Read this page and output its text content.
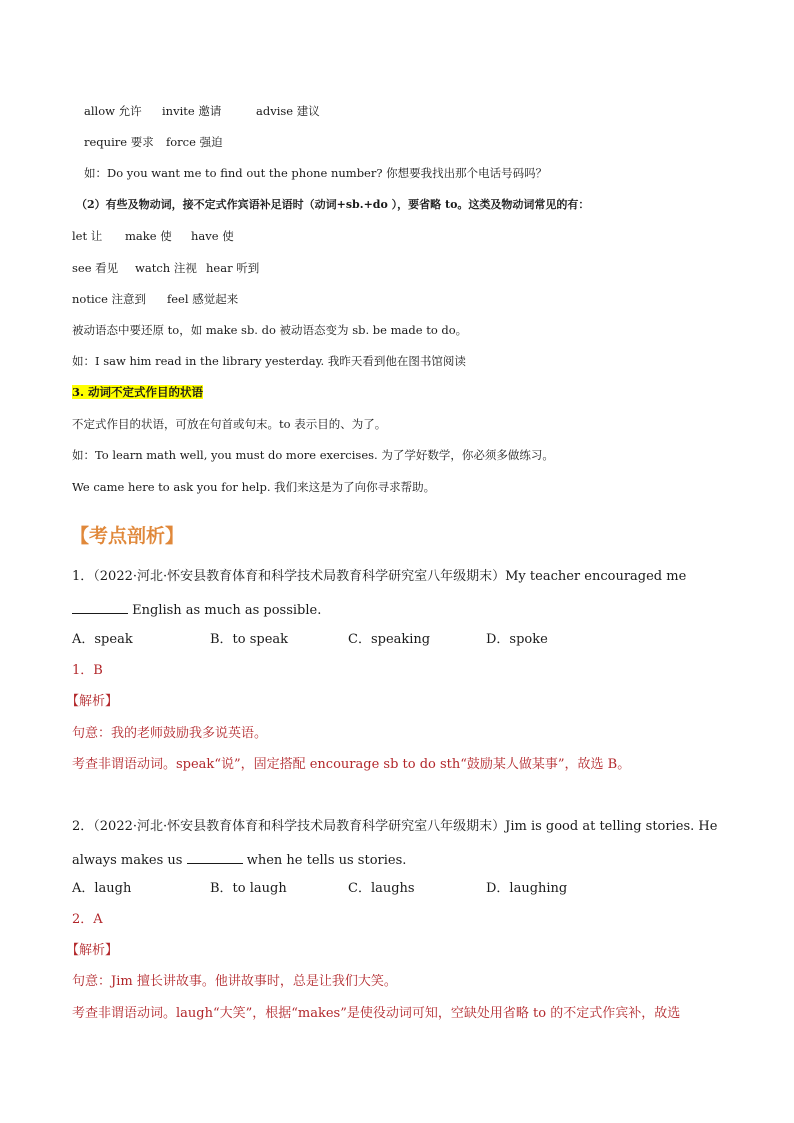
allow 允许 invite 邀请	advise 建议
require 要求 force 强迫
如：Do you want me to find out the phone number? 你想要我找出那个电话号码吗？
（2）有些及物动词，接不定式作宾语补足语时（动词+sb.+do ），要省略 to。这类及物动词常见的有：
let 让 make 使 have 使
see 看见 watch 注视 hear 听到
notice 注意到 feel 感觉起来
被动语态中要还原 to，如 make sb. do 被动语态变为 sb. be made to do。
如：I saw him read in the library yesterday. 我昨天看到他在图书馆阅读
3. 动词不定式作目的状语
不定式作目的状语，可放在句首或句末。to 表示目的、为了。
如：To learn math well, you must do more exercises. 为了学好数学，你必须多做练习。
We came here to ask you for help. 我们来这是为了向你寻求帮助。
【考点剖析】
1．（2022·河北·怀安县教育体育和科学技术局教育科学研究室八年级期末）My teacher encouraged me
English as much as possible.
A．speak	B．to speak	C．speaking	D．spoke
1．B
【解析】
句意：我的老师鼓励我多说英语。
考查非谓语动词。speak“说”，固定搭配 encourage sb to do sth“鼓励某人做某事”，故选 B。
2．（2022·河北·怀安县教育体育和科学技术局教育科学研究室八年级期末）Jim is good at telling stories. He
always makes us	when he tells us stories.
A．laugh	B．to laugh	C．laughs	D．laughing
2．A
【解析】
句意：Jim 擅长讲故事。他讲故事时，总是让我们大笑。
考查非谓语动词。laugh“大笑”，根据“makes”是使役动词可知，空缺处用省略 to 的不定式作宾补，故选
